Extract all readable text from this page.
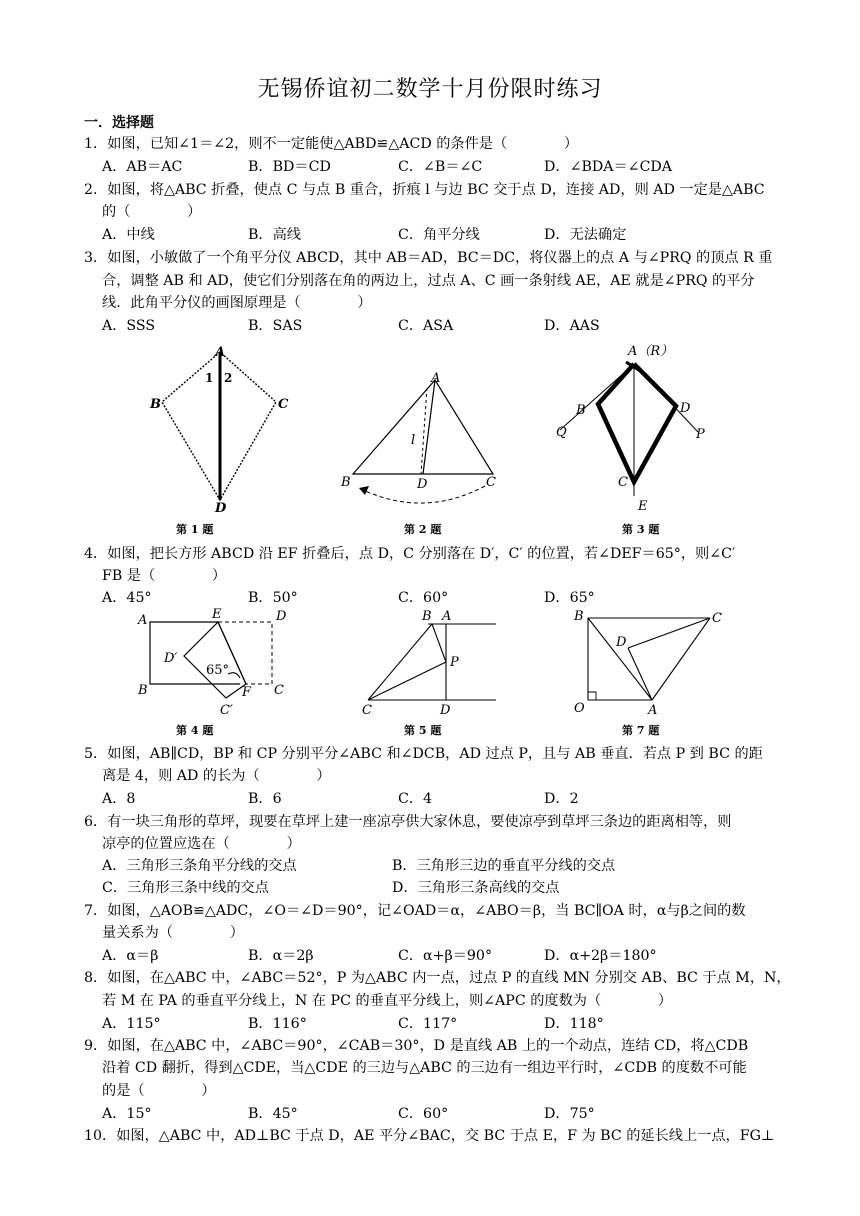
无锡侨谊初二数学十月份限时练习
一．选择题
1．如图，已知∠1＝∠2，则不一定能使△ABD≌△ACD 的条件是（　　　　）
A．AB＝AC	B．BD＝CD	C．∠B＝∠C	D．∠BDA＝∠CDA
2．如图，将△ABC 折叠，使点 C 与点 B 重合，折痕 l 与边 BC 交于点 D，连接 AD，则 AD 一定是△ABC
的（　　　　）
A．中线	B．高线	C．角平分线	D．无法确定
3．如图，小敏做了一个角平分仪 ABCD，其中 AB＝AD，BC＝DC，将仪器上的点 A 与∠PRQ 的顶点 R 重
合，调整 AB 和 AD，使它们分别落在角的两边上，过点 A、C 画一条射线 AE，AE 就是∠PRQ 的平分
线．此角平分仪的画图原理是（　　　　）
A．SSS	B．SAS	C．ASA	D．AAS
A
1 2
B	C
D
第 1 题
A
l
B	D	C
第 2 题
A（R）
B	D
Q	P
C
E
第 3 题
4．如图，把长方形 ABCD 沿 EF 折叠后，点 D，C 分别落在 D′，C′ 的位置，若∠DEF＝65°，则∠C′
FB 是（　　　　）
A．45°	B．50°	C．60°	D．65°
A	E	D
D′
65°
B	F C
C′
第 4 题
B A
P
C	D
第 5 题
B	C
D
O	A
第 7 题
5．如图，AB∥CD，BP 和 CP 分别平分∠ABC 和∠DCB，AD 过点 P，且与 AB 垂直．若点 P 到 BC 的距
离是 4，则 AD 的长为（　　　　）
A．8	B．6	C．4	D．2
6．有一块三角形的草坪，现要在草坪上建一座凉亭供大家休息，要使凉亭到草坪三条边的距离相等，则
凉亭的位置应选在（　　　　）
A．三角形三条角平分线的交点	B．三角形三边的垂直平分线的交点
C．三角形三条中线的交点	D．三角形三条高线的交点
7．如图，△AOB≌△ADC，∠O＝∠D＝90°，记∠OAD＝α，∠ABO＝β，当 BC∥OA 时，α与β之间的数
量关系为（　　　　）
A．α＝β	B．α＝2β	C．α+β＝90°	D．α+2β＝180°
8．如图，在△ABC 中，∠ABC＝52°，P 为△ABC 内一点，过点 P 的直线 MN 分别交 AB、BC 于点 M，N，
若 M 在 PA 的垂直平分线上，N 在 PC 的垂直平分线上，则∠APC 的度数为（　　　　）
A．115°	B．116°	C．117°	D．118°
9．如图，在△ABC 中，∠ABC＝90°，∠CAB＝30°，D 是直线 AB 上的一个动点，连结 CD，将△CDB
沿着 CD 翻折，得到△CDE，当△CDE 的三边与△ABC 的三边有一组边平行时，∠CDB 的度数不可能
的是（　　　　）
A．15°	B．45°	C．60°	D．75°
10．如图，△ABC 中，AD⊥BC 于点 D，AE 平分∠BAC，交 BC 于点 E，F 为 BC 的延长线上一点，FG⊥
